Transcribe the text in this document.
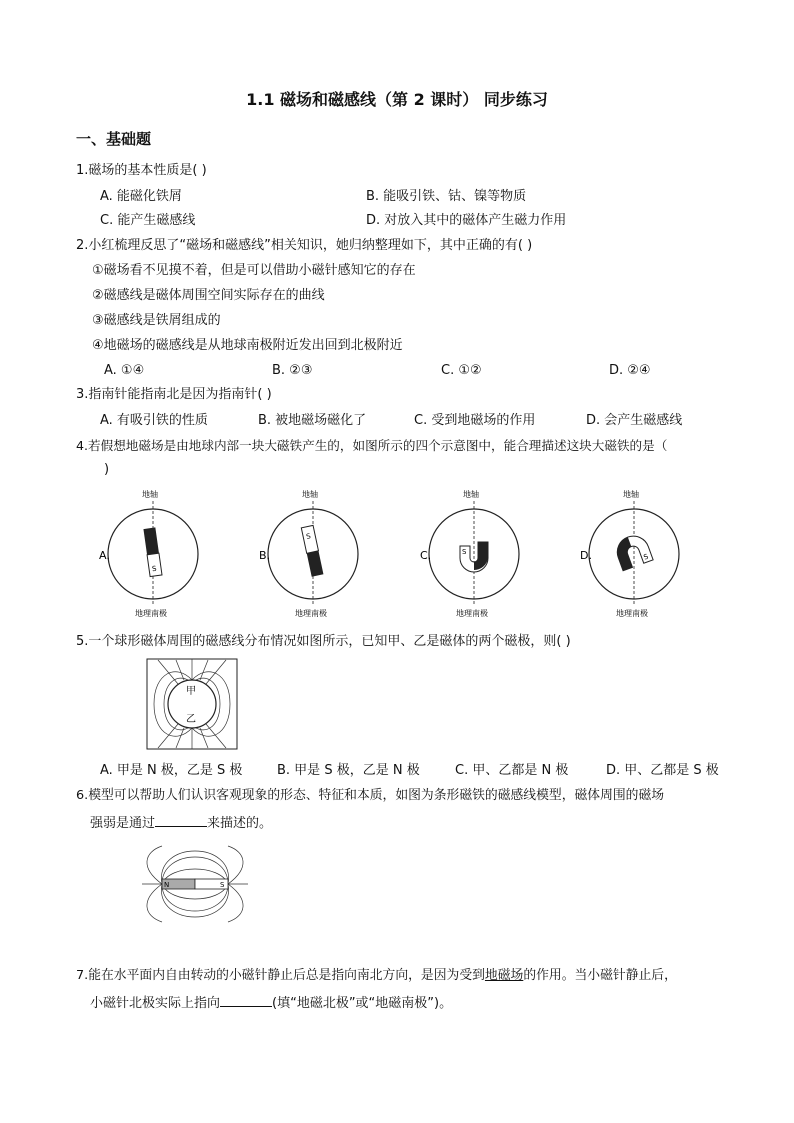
1.1 磁场和磁感线（第 2 课时） 同步练习
一、基础题
1.磁场的基本性质是( )
A. 能磁化铁屑	B. 能吸引铁、钴、镍等物质
C. 能产生磁感线	D. 对放入其中的磁体产生磁力作用
2.小红梳理反思了“磁场和磁感线”相关知识，她归纳整理如下，其中正确的有( )
①磁场看不见摸不着，但是可以借助小磁针感知它的存在
②磁感线是磁体周围空间实际存在的曲线
③磁感线是铁屑组成的
④地磁场的磁感线是从地球南极附近发出回到北极附近
A. ①④	B. ②③	C. ①②	D. ②④
3.指南针能指南北是因为指南针( )
A. 有吸引铁的性质	B. 被地磁场磁化了	C. 受到地磁场的作用	D. 会产生磁感线
4.若假想地磁场是由地球内部一块大磁铁产生的，如图所示的四个示意图中，能合理描述这块大磁铁的是（
)
地轴
S
A.
地理南极
地轴
S
B.
地理南极
地轴
S
C.
地理南极
地轴
S
D.
地理南极
5.一个球形磁体周围的磁感线分布情况如图所示，已知甲、乙是磁体的两个磁极，则( )
甲
乙
A. 甲是 N 极，乙是 S 极	B. 甲是 S 极，乙是 N 极	C. 甲、乙都是 N 极	D. 甲、乙都是 S 极
6.模型可以帮助人们认识客观现象的形态、特征和本质，如图为条形磁铁的磁感线模型，磁体周围的磁场
强弱是通过	来描述的。
N	S
7.能在水平面内自由转动的小磁针静止后总是指向南北方向，是因为受到地磁场的作用。当小磁针静止后，
小磁针北极实际上指向	(填“地磁北极”或“地磁南极”)。
